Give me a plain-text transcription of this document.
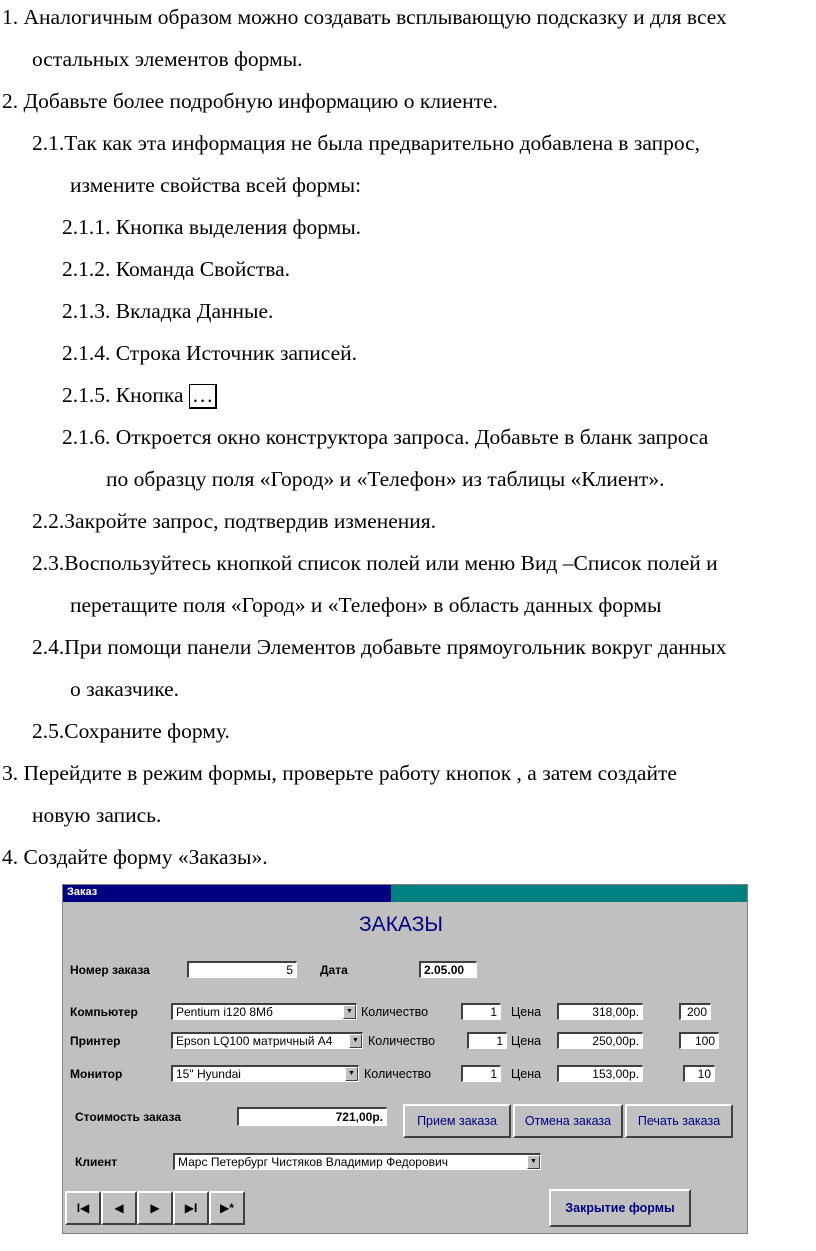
1. Аналогичным образом можно создавать всплывающую подсказку и для всех
остальных элементов формы.
2. Добавьте более подробную информацию о клиенте.
2.1.Так как эта информация не была предварительно добавлена в запрос,
измените свойства всей формы:
2.1.1. Кнопка выделения формы.
2.1.2. Команда Свойства.
2.1.3. Вкладка Данные.
2.1.4. Строка Источник записей.
2.1.5. Кнопка …
2.1.6. Откроется окно конструктора запроса. Добавьте в бланк запроса
по образцу поля «Город» и «Телефон» из таблицы «Клиент».
2.2.Закройте запрос, подтвердив изменения.
2.3.Воспользуйтесь кнопкой список полей или меню Вид –Список полей и
перетащите поля «Город» и «Телефон» в область данных формы
2.4.При помощи панели Элементов добавьте прямоугольник вокруг данных
о заказчике.
2.5.Сохраните форму.
3. Перейдите в режим формы, проверьте работу кнопок , а затем создайте
новую запись.
4. Создайте форму «Заказы».
Заказ
ЗАКАЗЫ
Номер заказа	5	Дата	2.05.00
Компьютер	Pentium i120 8Мб	▼ Количество	1	Цена	318,00р.	200
Принтер	Epson LQ100 матричный А4	▼ Количество	1 Цена	250,00р.	100
Монитор	15" Hyundai	▼ Количество	1	Цена	153,00р.	10
Стоимость заказа	721,00р.	Прием заказа	Отмена заказа	Печать заказа
Клиент	Марс Петербург Чистяков Владимир Федорович	▼
I◀	◀	▶	▶I	▶*	Закрытие формы
